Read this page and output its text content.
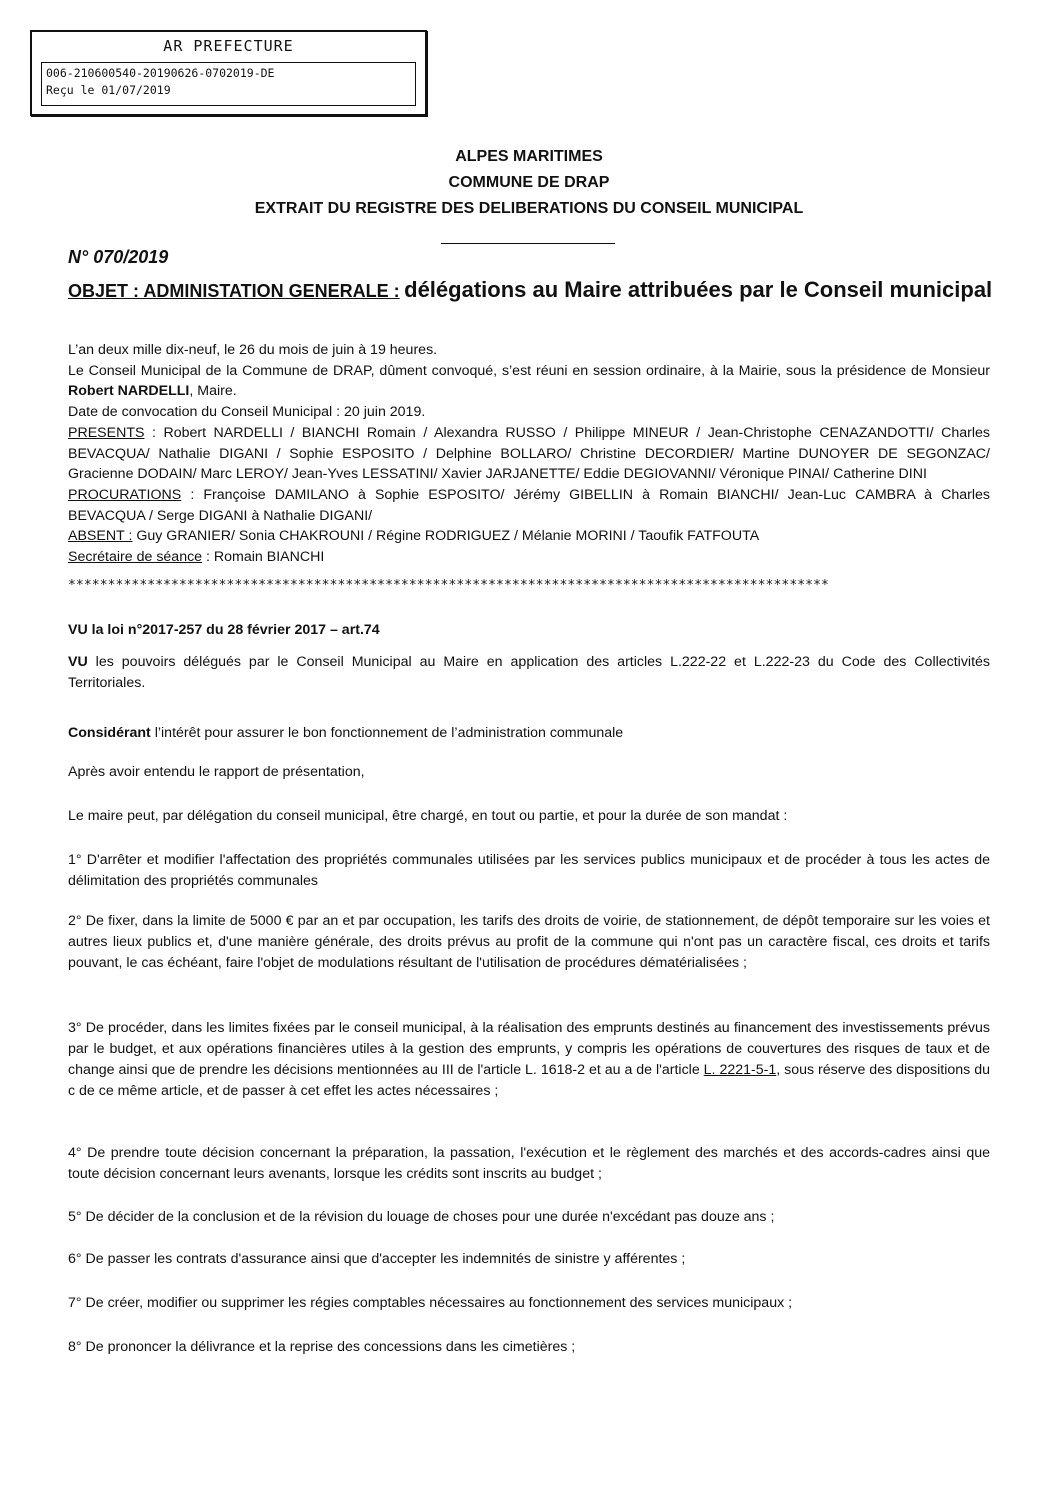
AR PREFECTURE
006-210600540-20190626-0702019-DE
Reçu le 01/07/2019
ALPES MARITIMES
COMMUNE DE DRAP
EXTRAIT DU REGISTRE DES DELIBERATIONS DU CONSEIL MUNICIPAL
N° 070/2019
OBJET : ADMINISTATION GENERALE : délégations au Maire attribuées par le Conseil municipal

L’an deux mille dix-neuf, le 26 du mois de juin à 19 heures.

Le Conseil Municipal de la Commune de DRAP, dûment convoqué, s’est réuni en session ordinaire, à la Mairie, sous la présidence de Monsieur Robert NARDELLI, Maire.

Date de convocation du Conseil Municipal : 20 juin 2019.

PRESENTS : Robert NARDELLI / BIANCHI Romain / Alexandra RUSSO / Philippe MINEUR / Jean-Christophe CENAZANDOTTI/ Charles BEVACQUA/ Nathalie DIGANI / Sophie ESPOSITO / Delphine BOLLARO/ Christine DECORDIER/ Martine DUNOYER DE SEGONZAC/ Gracienne DODAIN/ Marc LEROY/ Jean-Yves LESSATINI/ Xavier JARJANETTE/ Eddie DEGIOVANNI/ Véronique PINAI/ Catherine DINI

PROCURATIONS : Françoise DAMILANO à Sophie ESPOSITO/ Jérémy GIBELLIN à Romain BIANCHI/ Jean-Luc CAMBRA à Charles BEVACQUA / Serge DIGANI à Nathalie DIGANI/

ABSENT : Guy GRANIER/ Sonia CHAKROUNI / Régine RODRIGUEZ / Mélanie MORINI / Taoufik FATFOUTA

Secrétaire de séance : Romain BIANCHI

************************************************************************************************

VU la loi n°2017-257 du 28 février 2017 – art.74

VU les pouvoirs délégués par le Conseil Municipal au Maire en application des articles L.222-22 et L.222-23 du Code des Collectivités Territoriales.

Considérant l’intérêt pour assurer le bon fonctionnement de l’administration communale

Après avoir entendu le rapport de présentation,

Le maire peut, par délégation du conseil municipal, être chargé, en tout ou partie, et pour la durée de son mandat :

1° D'arrêter et modifier l'affectation des propriétés communales utilisées par les services publics municipaux et de procéder à tous les actes de délimitation des propriétés communales

2° De fixer, dans la limite de 5000 € par an et par occupation, les tarifs des droits de voirie, de stationnement, de dépôt temporaire sur les voies et autres lieux publics et, d'une manière générale, des droits prévus au profit de la commune qui n'ont pas un caractère fiscal, ces droits et tarifs pouvant, le cas échéant, faire l'objet de modulations résultant de l'utilisation de procédures dématérialisées ;

3° De procéder, dans les limites fixées par le conseil municipal, à la réalisation des emprunts destinés au financement des investissements prévus par le budget, et aux opérations financières utiles à la gestion des emprunts, y compris les opérations de couvertures des risques de taux et de change ainsi que de prendre les décisions mentionnées au III de l'article L. 1618-2 et au a de l'article L. 2221-5-1, sous réserve des dispositions du c de ce même article, et de passer à cet effet les actes nécessaires ;

4° De prendre toute décision concernant la préparation, la passation, l'exécution et le règlement des marchés et des accords-cadres ainsi que toute décision concernant leurs avenants, lorsque les crédits sont inscrits au budget ;

5° De décider de la conclusion et de la révision du louage de choses pour une durée n'excédant pas douze ans ;

6° De passer les contrats d'assurance ainsi que d'accepter les indemnités de sinistre y afférentes ;

7° De créer, modifier ou supprimer les régies comptables nécessaires au fonctionnement des services municipaux ;

8° De prononcer la délivrance et la reprise des concessions dans les cimetières ;
